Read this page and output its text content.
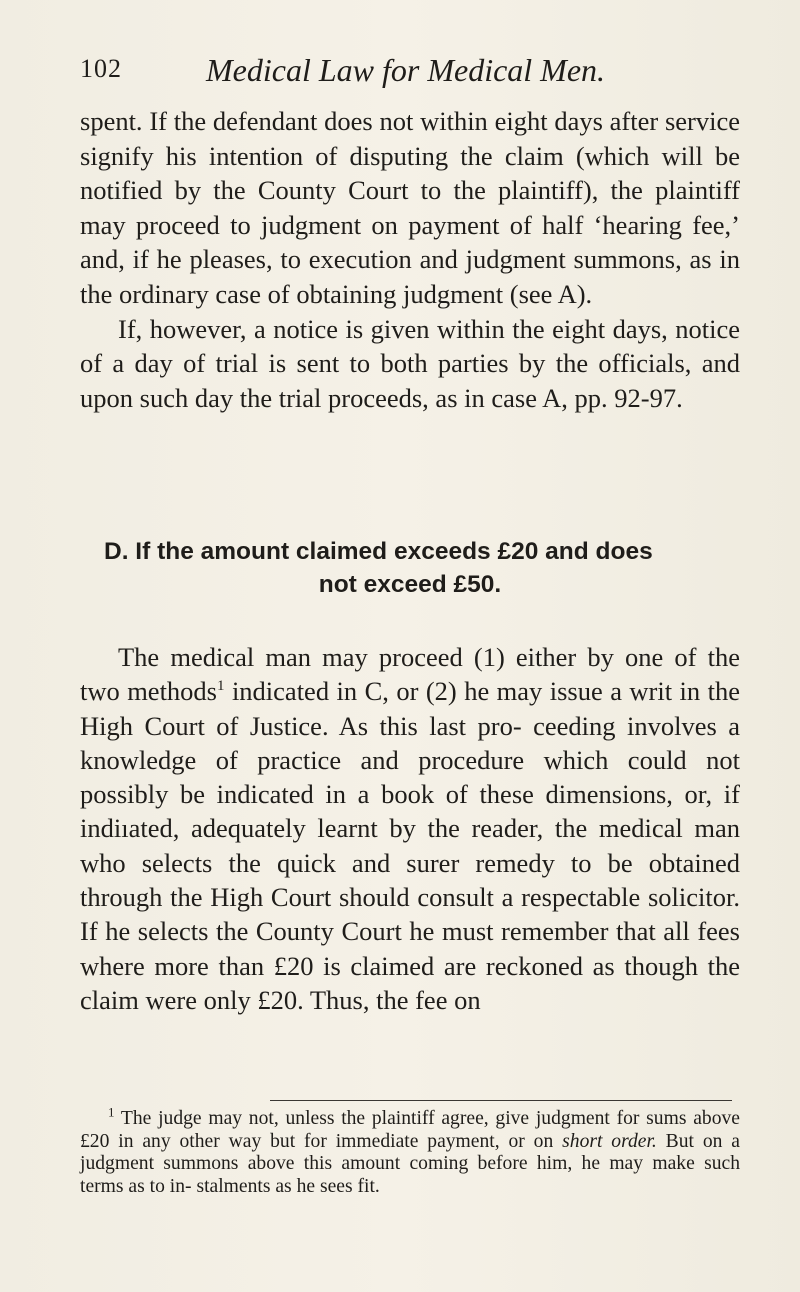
102	Medical Law for Medical Men.

spent. If the defendant does not within eight days after service signify his intention of disputing the claim (which will be notified by the County Court to the plaintiff), the plaintiff may proceed to judgment on payment of half ‘hearing fee,’ and, if he pleases, to execution and judgment summons, as in the ordinary case of obtaining judgment (see A).

If, however, a notice is given within the eight days, notice of a day of trial is sent to both parties by the officials, and upon such day the trial proceeds, as in case A, pp. 92-97.

D. If the amount claimed exceeds £20 and does
not exceed £50.

The medical man may proceed (1) either by one of the two methods$^1$ indicated in C, or (2) he may issue a writ in the High Court of Justice. As this last pro- ceeding involves a knowledge of practice and procedure which could not possibly be indicated in a book of these dimensions, or, if indiıated, adequately learnt by the reader, the medical man who selects the quick and surer remedy to be obtained through the High Court should consult a respectable solicitor. If he selects the County Court he must remember that all fees where more than £20 is claimed are reckoned as though the claim were only £20. Thus, the fee on

$^1$ The judge may not, unless the plaintiff agree, give judgment for sums above £20 in any other way but for immediate payment, or on short order. But on a judgment summons above this amount coming before him, he may make such terms as to in- stalments as he sees fit.
